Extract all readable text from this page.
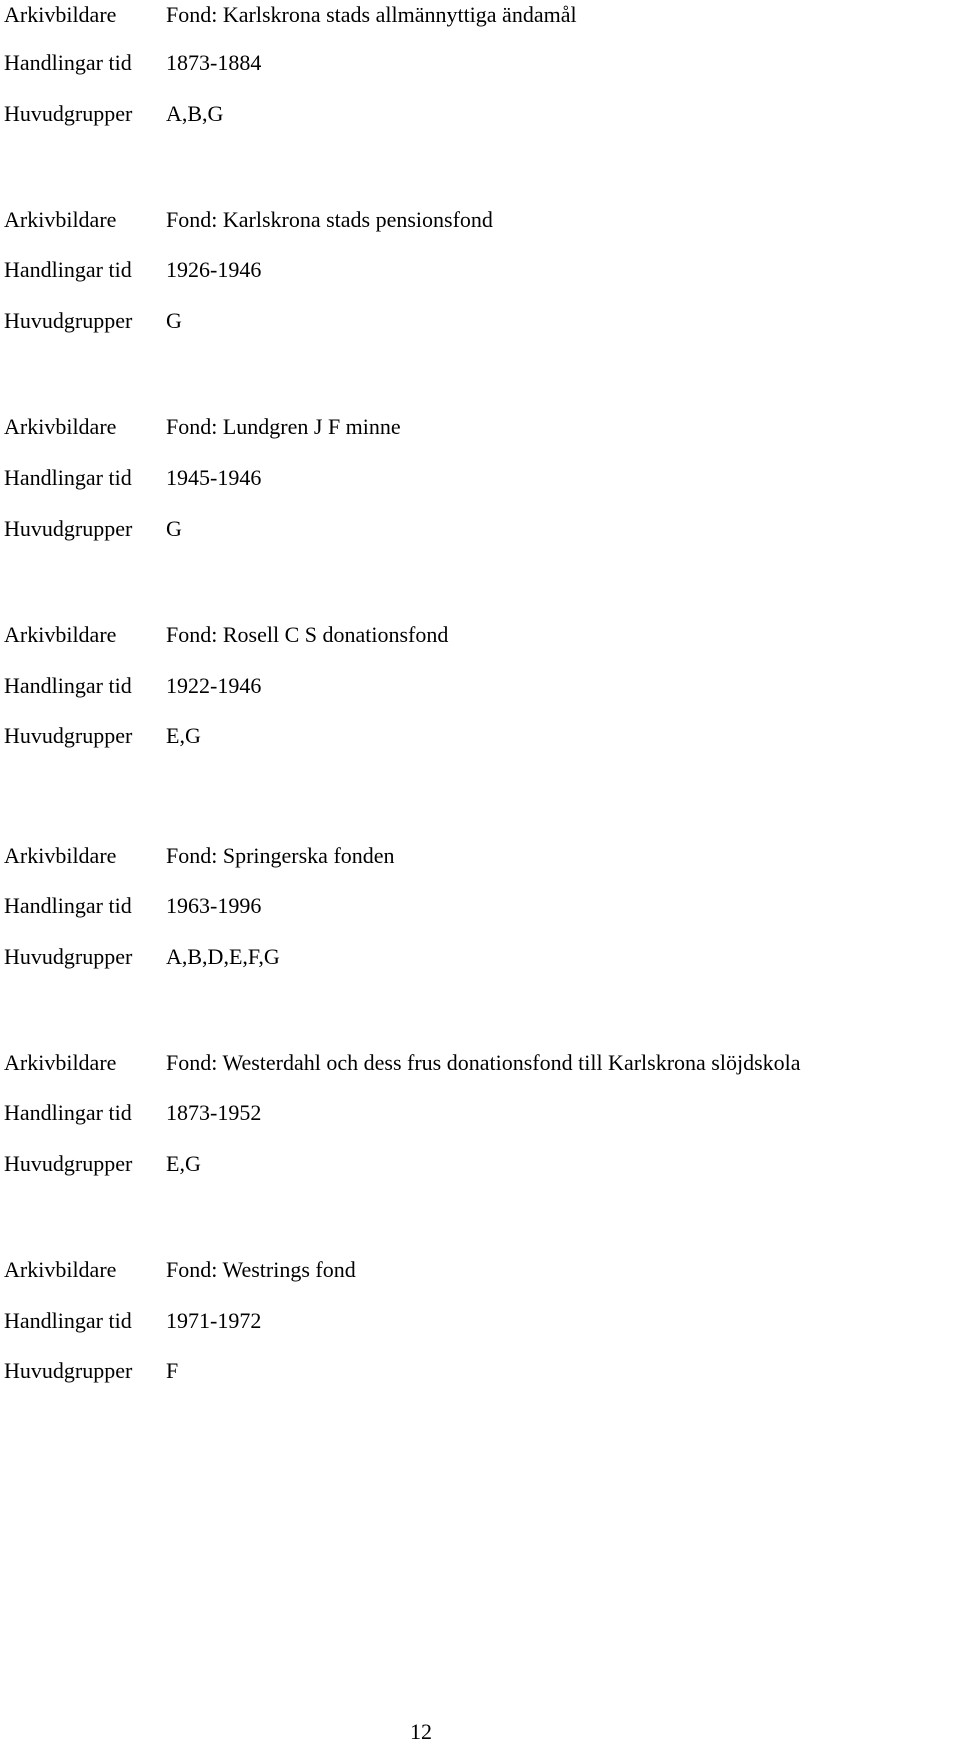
Arkivbildare Fond: Karlskrona stads allmännyttiga ändamål
Handlingar tid 1873-1884
Huvudgrupper A,B,G
Arkivbildare Fond: Karlskrona stads pensionsfond
Handlingar tid 1926-1946
Huvudgrupper G
Arkivbildare Fond: Lundgren J F minne
Handlingar tid 1945-1946
Huvudgrupper G
Arkivbildare Fond: Rosell C S donationsfond
Handlingar tid 1922-1946
Huvudgrupper E,G
Arkivbildare Fond: Springerska fonden
Handlingar tid 1963-1996
Huvudgrupper A,B,D,E,F,G
Arkivbildare Fond: Westerdahl och dess frus donationsfond till Karlskrona slöjdskola
Handlingar tid 1873-1952
Huvudgrupper E,G
Arkivbildare Fond: Westrings fond
Handlingar tid 1971-1972
Huvudgrupper F
12
